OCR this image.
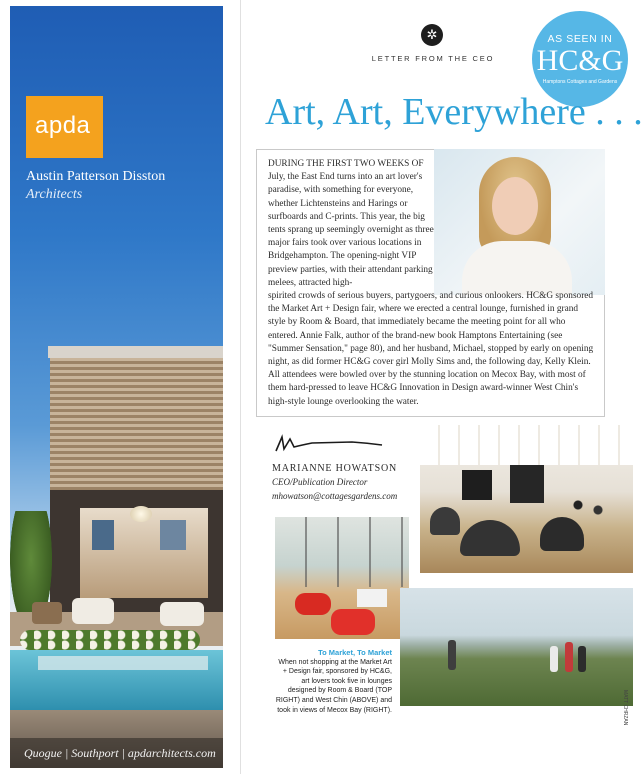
apda
Austin Patterson Disston
Architects
Quogue | Southport | apdarchitects.com
✲
LETTER FROM THE CEO
AS SEEN IN
HC&G
Hamptons Cottages and Gardens
Art, Art, Everywhere . . .

DURING THE FIRST TWO WEEKS OF July, the East End turns into an art lover's paradise, with something for everyone, whether Lichtensteins and Harings or surfboards and C-prints. This year, the big tents sprang up seemingly overnight as three major fairs took over various locations in Bridgehampton. The opening-night VIP preview parties, with their attendant parking melees, attracted high-

spirited crowds of serious buyers, partygoers, and curious onlookers. HC&G sponsored the Market Art + Design fair, where we erected a central lounge, furnished in grand style by Room & Board, that immediately became the meeting point for all who entered. Annie Falk, author of the brand-new book Hamptons Entertaining (see "Summer Sensation," page 80), and her husband, Michael, stopped by early on opening night, as did former HC&G cover girl Molly Sims and, the following day, Kelly Klein. All attendees were bowled over by the stunning location on Mecox Bay, with most of them hard-pressed to leave HC&G Innovation in Design award-winner West Chin's high-style lounge overlooking the water.

MARIANNE HOWATSON
CEO/Publication Director
mhowatson@cottagesgardens.com
To Market, To Market
When not shopping at the Market Art + Design fair, sponsored by HC&G, art lovers took five in lounges designed by Room & Board (TOP RIGHT) and West Chin (ABOVE) and took in views of Mecox Bay (RIGHT).	MATT CHRZAN
